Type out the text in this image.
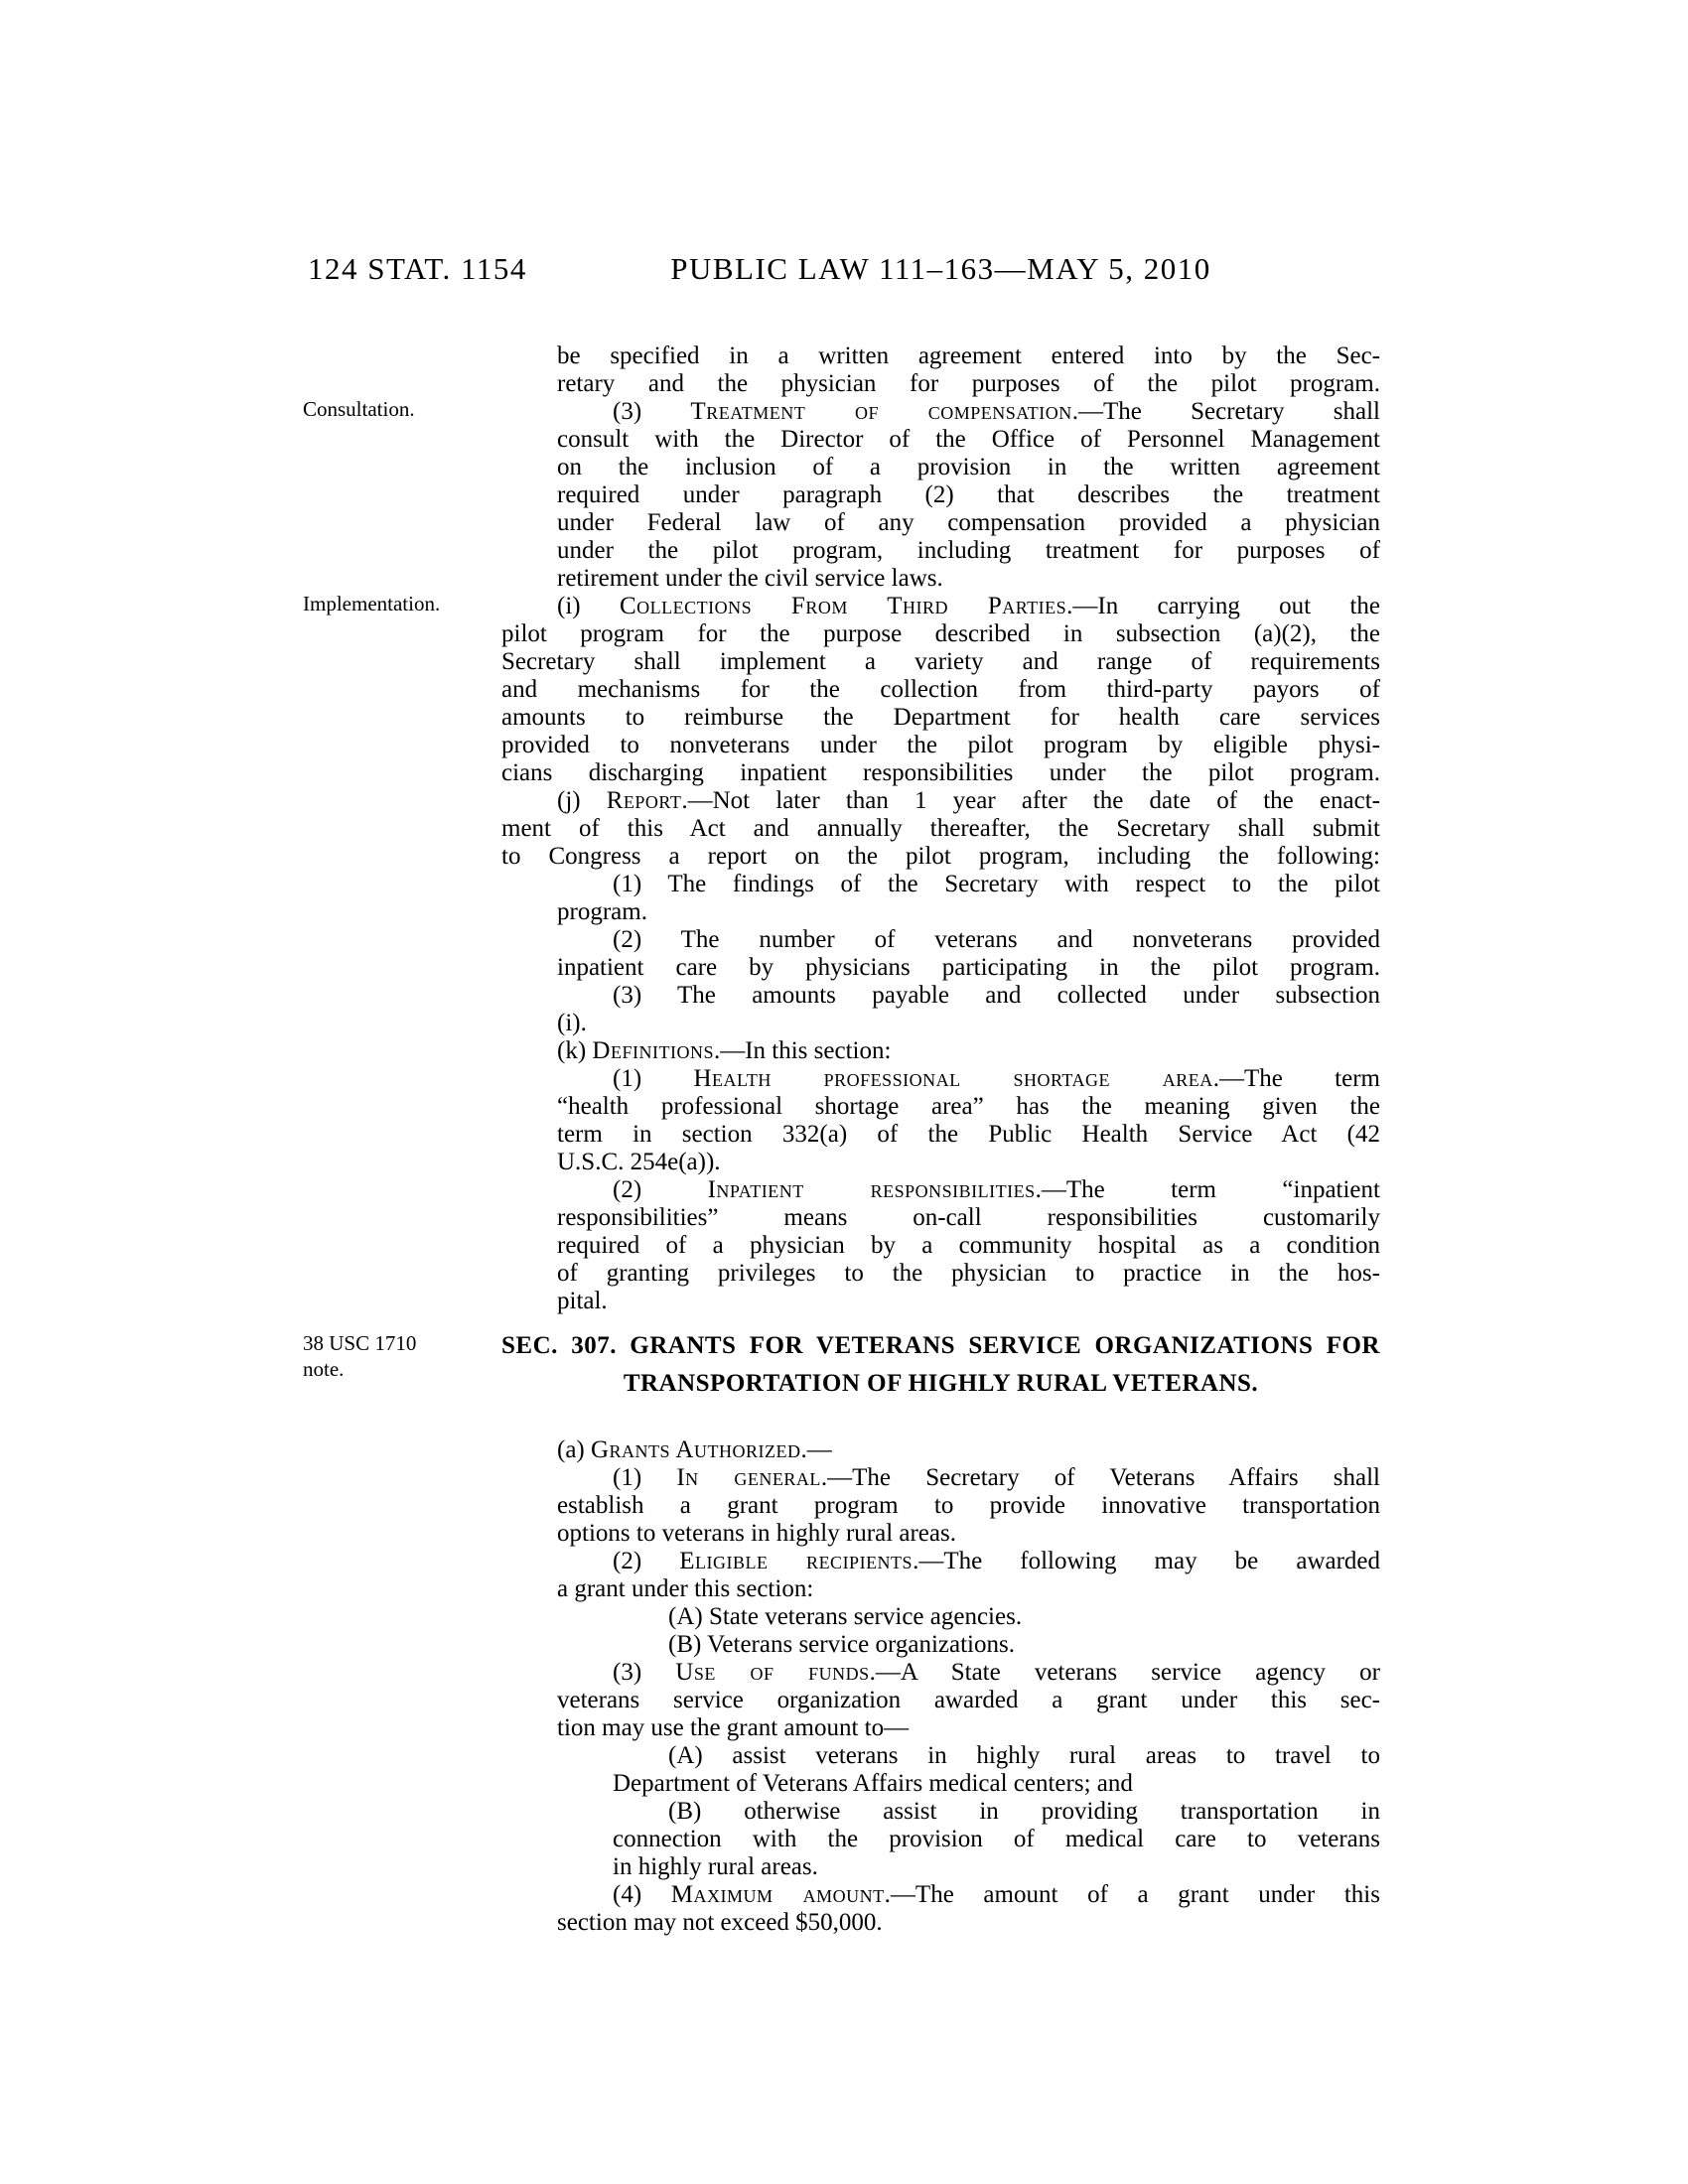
124 STAT. 1154	PUBLIC LAW 111–163—MAY 5, 2010
Consultation.
Implementation.
38 USC 1710
note.
be specified in a written agreement entered into by the Sec-
retary and the physician for purposes of the pilot program.
(3) Treatment of compensation.—The Secretary shall
consult with the Director of the Office of Personnel Management
on the inclusion of a provision in the written agreement
required under paragraph (2) that describes the treatment
under Federal law of any compensation provided a physician
under the pilot program, including treatment for purposes of
retirement under the civil service laws.
(i) Collections From Third Parties.—In carrying out the
pilot program for the purpose described in subsection (a)(2), the
Secretary shall implement a variety and range of requirements
and mechanisms for the collection from third-party payors of
amounts to reimburse the Department for health care services
provided to nonveterans under the pilot program by eligible physi-
cians discharging inpatient responsibilities under the pilot program.
(j) Report.—Not later than 1 year after the date of the enact-
ment of this Act and annually thereafter, the Secretary shall submit
to Congress a report on the pilot program, including the following:
(1) The findings of the Secretary with respect to the pilot
program.
(2) The number of veterans and nonveterans provided
inpatient care by physicians participating in the pilot program.
(3) The amounts payable and collected under subsection
(i).
(k) Definitions.—In this section:
(1) Health professional shortage area.—The term
“health professional shortage area” has the meaning given the
term in section 332(a) of the Public Health Service Act (42
U.S.C. 254e(a)).
(2) Inpatient responsibilities.—The term “inpatient
responsibilities” means on-call responsibilities customarily
required of a physician by a community hospital as a condition
of granting privileges to the physician to practice in the hos-
pital.
SEC. 307. GRANTS FOR VETERANS SERVICE ORGANIZATIONS FOR
TRANSPORTATION OF HIGHLY RURAL VETERANS.
(a) Grants Authorized.—
(1) In general.—The Secretary of Veterans Affairs shall
establish a grant program to provide innovative transportation
options to veterans in highly rural areas.
(2) Eligible recipients.—The following may be awarded
a grant under this section:
(A) State veterans service agencies.
(B) Veterans service organizations.
(3) Use of funds.—A State veterans service agency or
veterans service organization awarded a grant under this sec-
tion may use the grant amount to—
(A) assist veterans in highly rural areas to travel to
Department of Veterans Affairs medical centers; and
(B) otherwise assist in providing transportation in
connection with the provision of medical care to veterans
in highly rural areas.
(4) Maximum amount.—The amount of a grant under this
section may not exceed $50,000.
